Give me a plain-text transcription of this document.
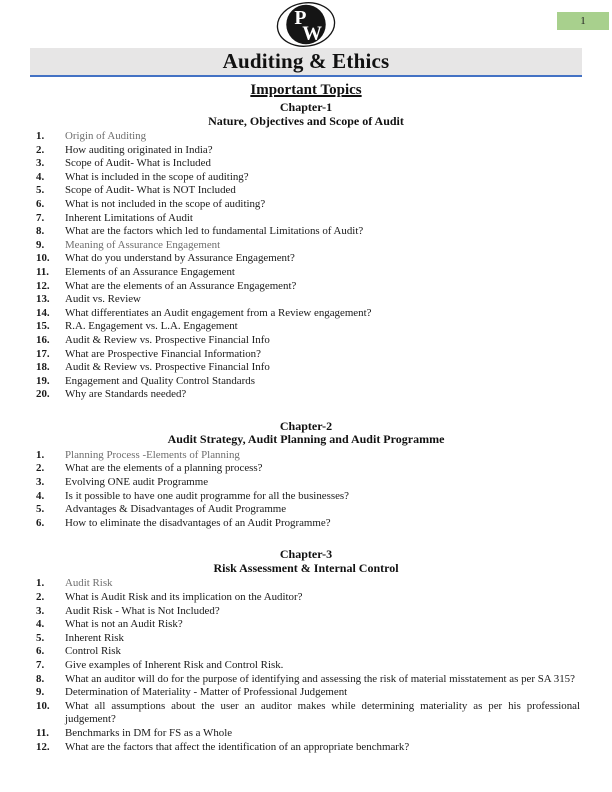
P
W
1
Auditing & Ethics
Important Topics
Chapter-1
Nature, Objectives and Scope of Audit
1.	Origin of Auditing
2.	How auditing originated in India?
3.	Scope of Audit- What is Included
4.	What is included in the scope of auditing?
5.	Scope of Audit- What is NOT Included
6.	What is not included in the scope of auditing?
7.	Inherent Limitations of Audit
8.	What are the factors which led to fundamental Limitations of Audit?
9.	Meaning of Assurance Engagement
10.	What do you understand by Assurance Engagement?
11.	Elements of an Assurance Engagement
12.	What are the elements of an Assurance Engagement?
13.	Audit vs. Review
14.	What differentiates an Audit engagement from a Review engagement?
15.	R.A. Engagement vs. L.A. Engagement
16.	Audit & Review vs. Prospective Financial Info
17.	What are Prospective Financial Information?
18.	Audit & Review vs. Prospective Financial Info
19.	Engagement and Quality Control Standards
20.	Why are Standards needed?
Chapter-2
Audit Strategy, Audit Planning and Audit Programme
1.	Planning Process -Elements of Planning
2.	What are the elements of a planning process?
3.	Evolving ONE audit Programme
4.	Is it possible to have one audit programme for all the businesses?
5.	Advantages & Disadvantages of Audit Programme
6.	How to eliminate the disadvantages of an Audit Programme?
Chapter-3
Risk Assessment & Internal Control
1.	Audit Risk
2.	What is Audit Risk and its implication on the Auditor?
3.	Audit Risk - What is Not Included?
4.	What is not an Audit Risk?
5.	Inherent Risk
6.	Control Risk
7.	Give examples of Inherent Risk and Control Risk.
8.	What an auditor will do for the purpose of identifying and assessing the risk of material misstatement as per SA 315?
9.	Determination of Materiality - Matter of Professional Judgement
10.	What all assumptions about the user an auditor makes while determining materiality as per his professional judgement?
11.	Benchmarks in DM for FS as a Whole
12.	What are the factors that affect the identification of an appropriate benchmark?
